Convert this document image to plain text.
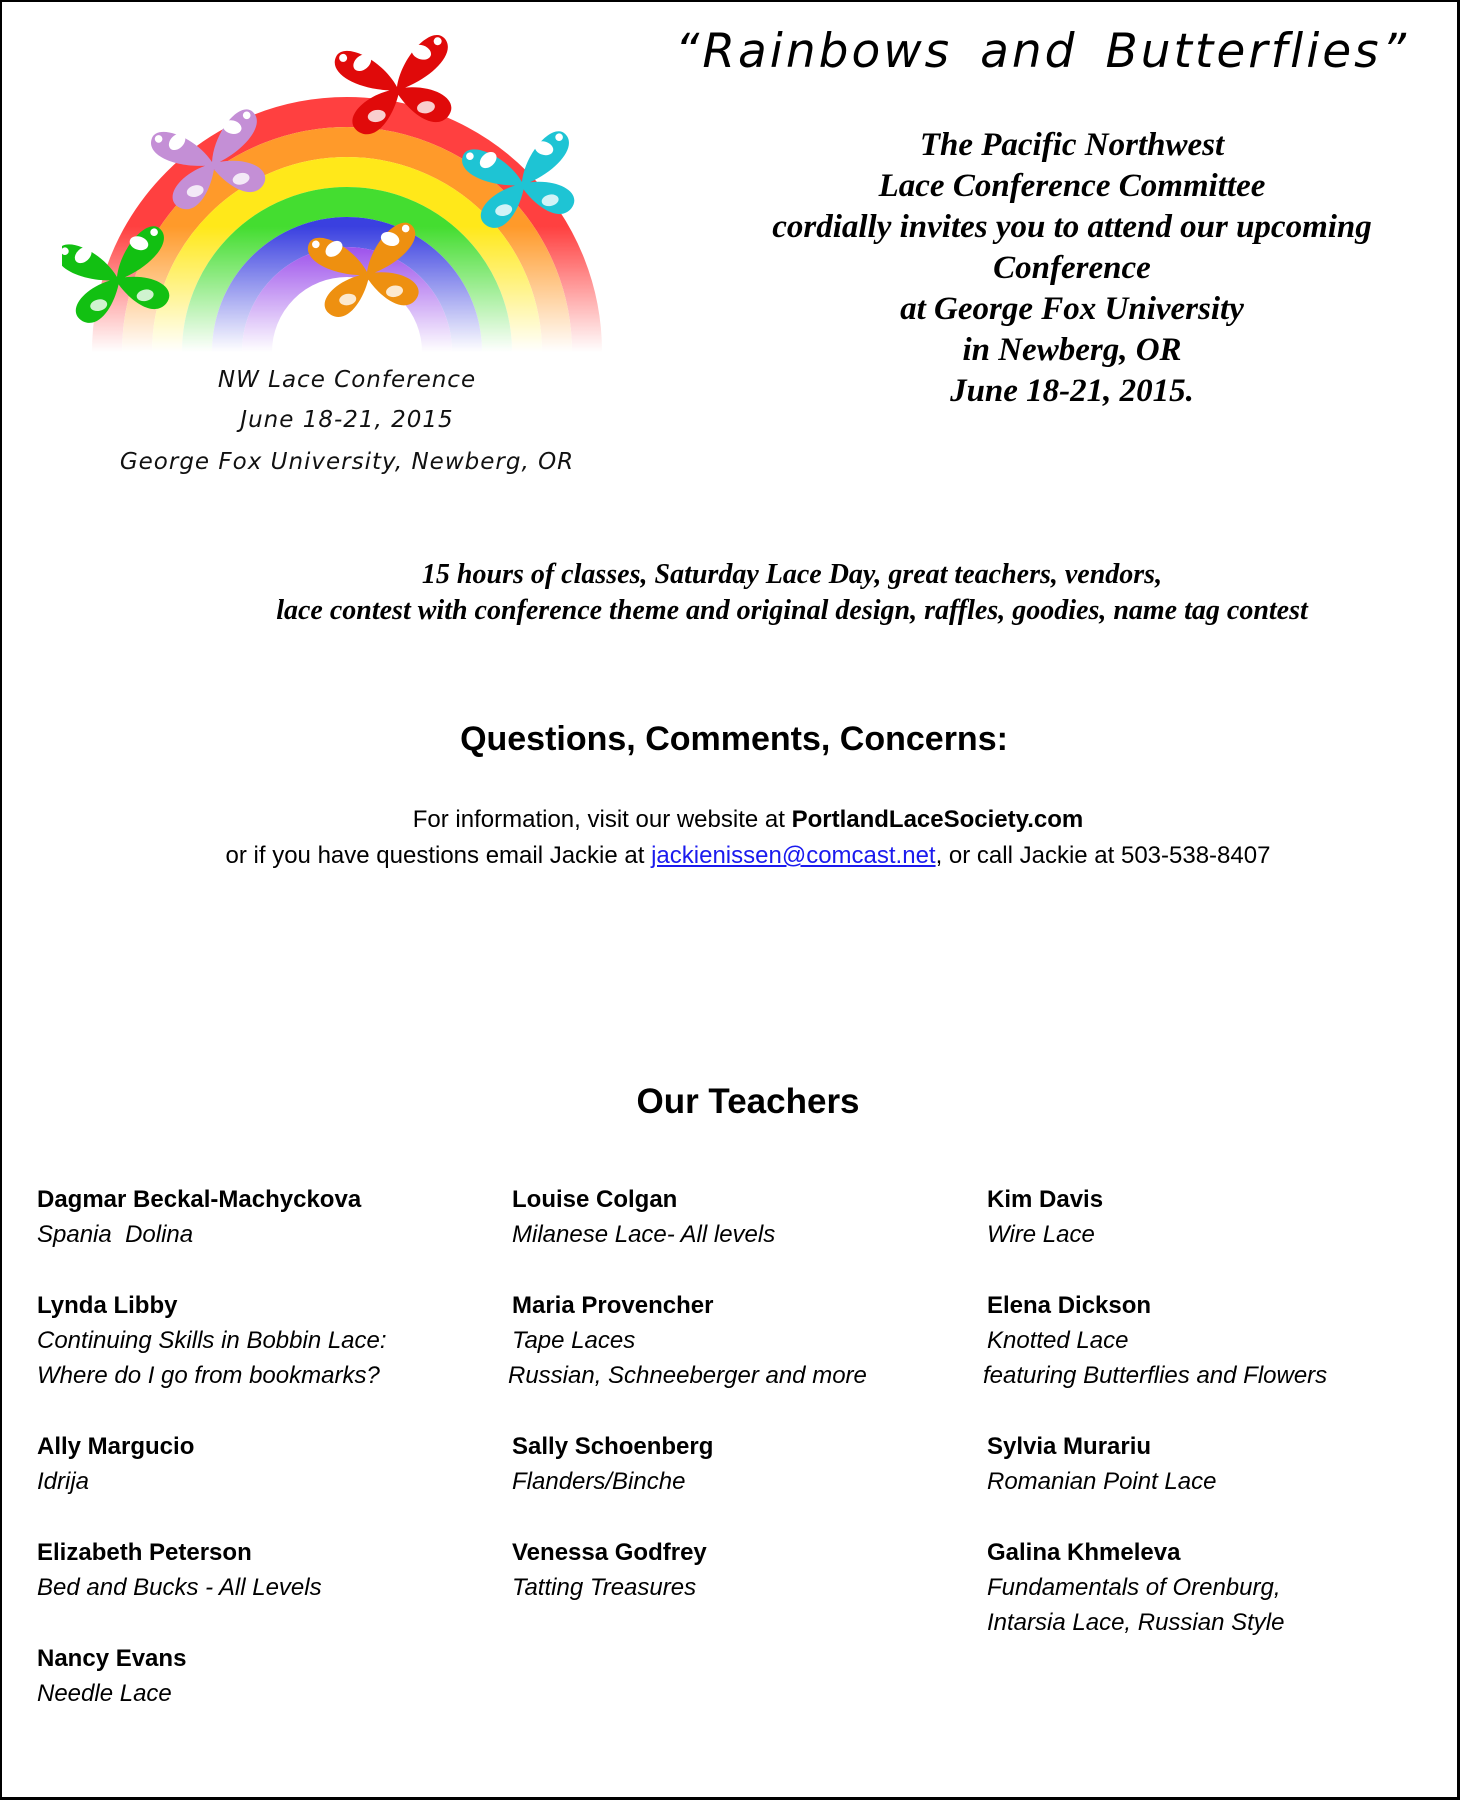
NW Lace Conference
June 18-21, 2015
George Fox University, Newberg, OR
“Rainbows and Butterflies”
The Pacific Northwest
Lace Conference Committee
cordially invites you to attend our upcoming
Conference
at George Fox University
in Newberg, OR
June 18-21, 2015.
15 hours of classes, Saturday Lace Day, great teachers, vendors,
lace contest with conference theme and original design, raffles, goodies, name tag contest
Questions, Comments, Concerns:
For information, visit our website at PortlandLaceSociety.com
or if you have questions email Jackie at jackienissen@comcast.net, or call Jackie at 503-538-8407
Our Teachers
Dagmar Beckal-Machyckova
Spania  Dolina
Lynda Libby
Continuing Skills in Bobbin Lace:
Where do I go from bookmarks?
Ally Margucio
Idrija
Elizabeth Peterson
Bed and Bucks - All Levels
Nancy Evans
Needle Lace
Louise Colgan
Milanese Lace- All levels
Maria Provencher
Tape Laces
Russian, Schneeberger and more
Sally Schoenberg
Flanders/Binche
Venessa Godfrey
Tatting Treasures
Kim Davis
Wire Lace
Elena Dickson
Knotted Lace
featuring Butterflies and Flowers
Sylvia Murariu
Romanian Point Lace
Galina Khmeleva
Fundamentals of Orenburg,
Intarsia Lace, Russian Style
